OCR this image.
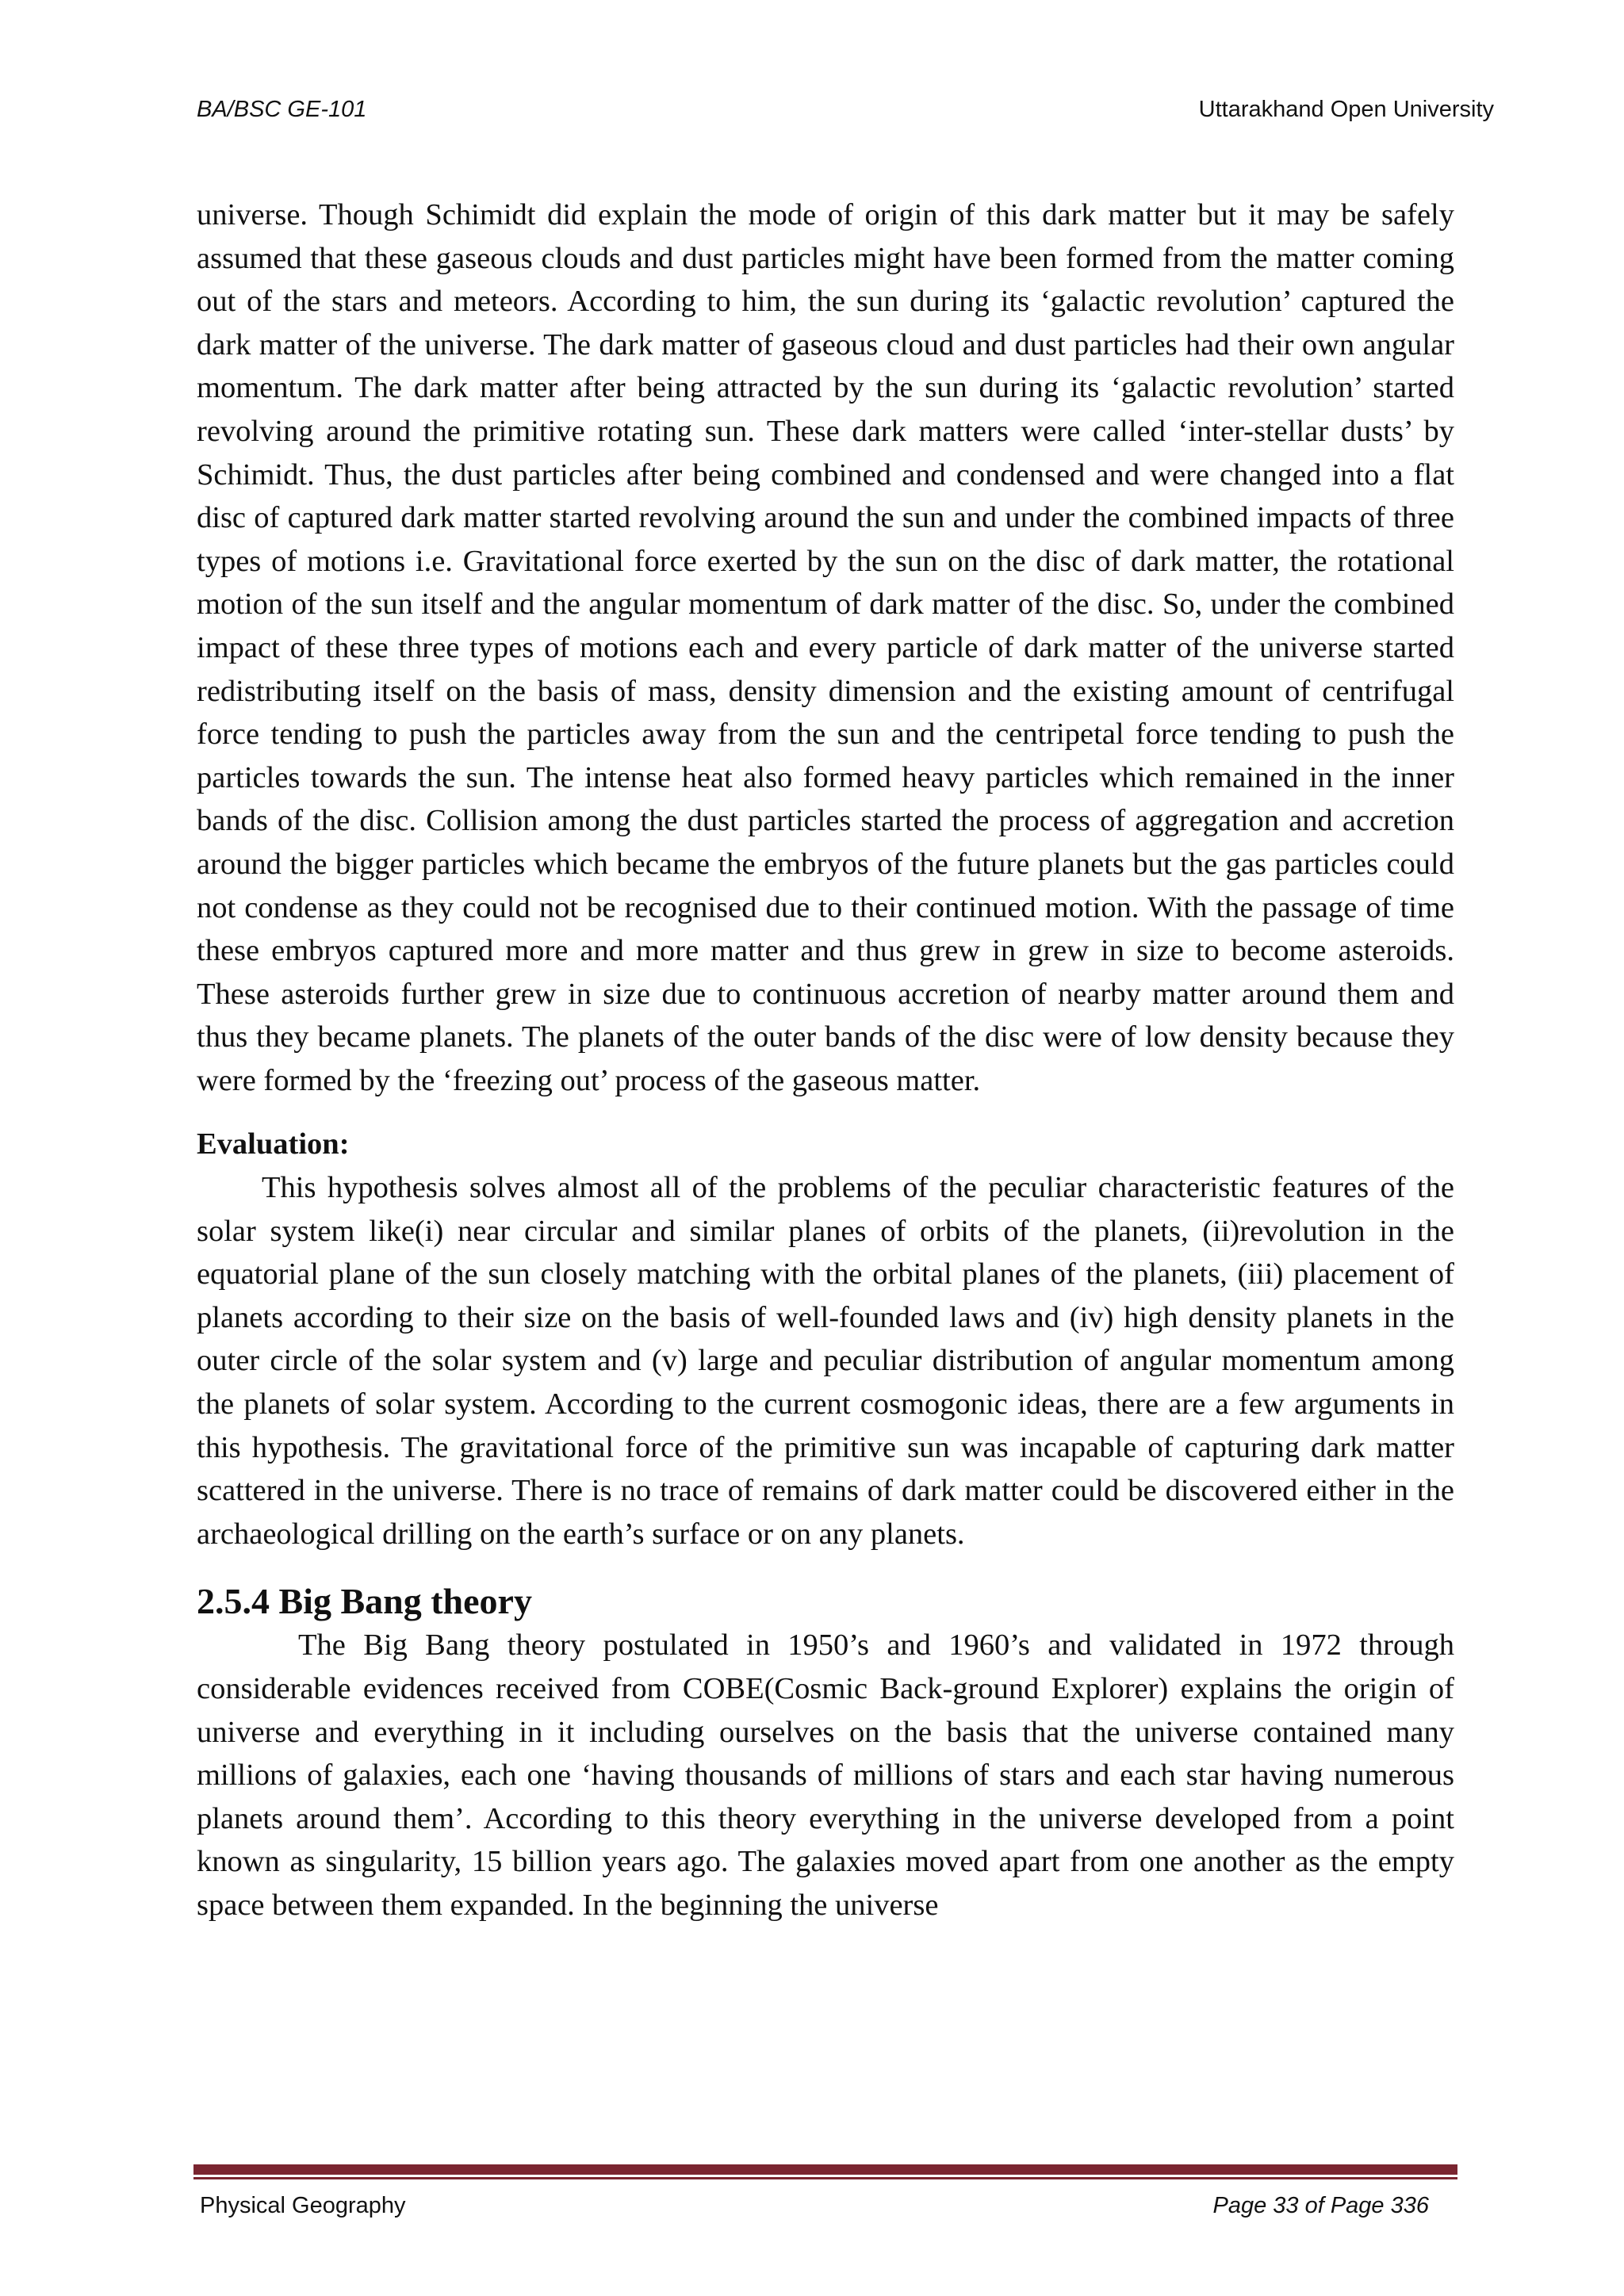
BA/BSC GE-101	Uttarakhand Open University

universe. Though Schimidt did explain the mode of origin of this dark matter but it may be safely assumed that these gaseous clouds and dust particles might have been formed from the matter coming out of the stars and meteors. According to him, the sun during its ‘galactic revolution’ captured the dark matter of the universe. The dark matter of gaseous cloud and dust particles had their own angular momentum. The dark matter after being attracted by the sun during its ‘galactic revolution’ started revolving around the primitive rotating sun. These dark matters were called ‘inter-stellar dusts’ by Schimidt. Thus, the dust particles after being combined and condensed and were changed into a flat disc of captured dark matter started revolving around the sun and under the combined impacts of three types of motions i.e. Gravitational force exerted by the sun on the disc of dark matter, the rotational motion of the sun itself and the angular momentum of dark matter of the disc. So, under the combined impact of these three types of motions each and every particle of dark matter of the universe started redistributing itself on the basis of mass, density dimension and the existing amount of centrifugal force tending to push the particles away from the sun and the centripetal force tending to push the particles towards the sun. The intense heat also formed heavy particles which remained in the inner bands of the disc. Collision among the dust particles started the process of aggregation and accretion around the bigger particles which became the embryos of the future planets but the gas particles could not condense as they could not be recognised due to their continued motion. With the passage of time these embryos captured more and more matter and thus grew in grew in size to become asteroids. These asteroids further grew in size due to continuous accretion of nearby matter around them and thus they became planets. The planets of the outer bands of the disc were of low density because they were formed by the ‘freezing out’ process of the gaseous matter.

Evaluation:

This hypothesis solves almost all of the problems of the peculiar characteristic features of the solar system like(i) near circular and similar planes of orbits of the planets, (ii)revolution in the equatorial plane of the sun closely matching with the orbital planes of the planets, (iii) placement of planets according to their size on the basis of well-founded laws and (iv) high density planets in the outer circle of the solar system and (v) large and peculiar distribution of angular momentum among the planets of solar system. According to the current cosmogonic ideas, there are a few arguments in this hypothesis. The gravitational force of the primitive sun was incapable of capturing dark matter scattered in the universe. There is no trace of remains of dark matter could be discovered either in the archaeological drilling on the earth’s surface or on any planets.

2.5.4 Big Bang theory

The Big Bang theory postulated in 1950’s and 1960’s and validated in 1972 through considerable evidences received from COBE(Cosmic Back-ground Explorer) explains the origin of universe and everything in it including ourselves on the basis that the universe contained many millions of galaxies, each one ‘having thousands of millions of stars and each star having numerous planets around them’. According to this theory everything in the universe developed from a point known as singularity, 15 billion years ago. The galaxies moved apart from one another as the empty space between them expanded. In the beginning the universe

Physical Geography	Page 33 of Page 336
